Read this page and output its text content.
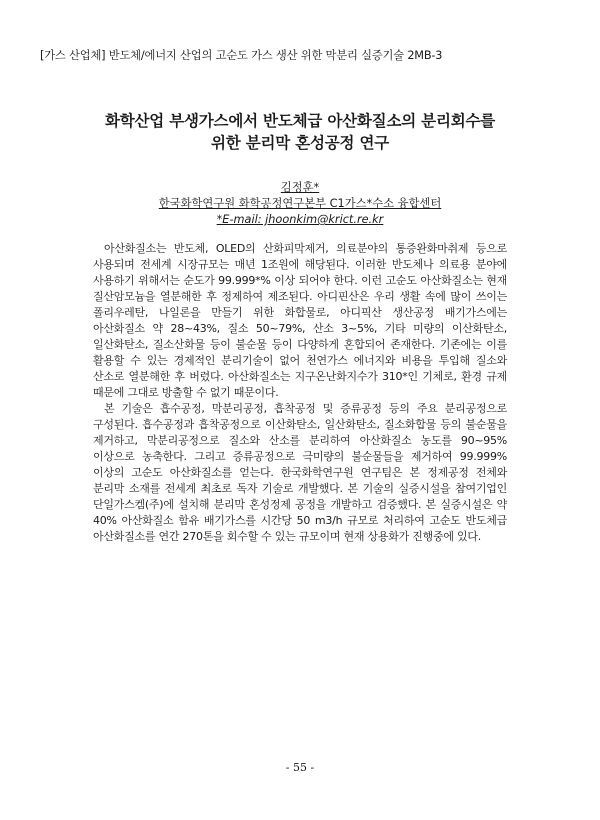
[가스 산업체] 반도체/에너지 산업의 고순도 가스 생산 위한 막분리 실증기술 2MB-3
화학산업 부생가스에서 반도체급 아산화질소의 분리회수를
위한 분리막 혼성공정 연구
김정훈*
한국화학연구원 화학공정연구본부 C1가스*수소 융합센터
*E-mail: jhoonkim@krict.re.kr

아산화질소는 반도체, OLED의 산화피막제거, 의료분야의 통증완화마취제 등으로 사용되며 전세계 시장규모는 매년 1조원에 해당된다. 이러한 반도체나 의료용 분야에 사용하기 위해서는 순도가 99.999*% 이상 되어야 한다. 이런 고순도 아산화질소는 현재 질산암모늄을 열분해한 후 정제하여 제조된다. 아디핀산은 우리 생활 속에 많이 쓰이는 폴리우레탄, 나일론을 만들기 위한 화합물로, 아디픽산 생산공정 배기가스에는 아산화질소 약 28~43%, 질소 50~79%, 산소 3~5%, 기타 미량의 이산화탄소, 일산화탄소, 질소산화물 등이 불순물 등이 다양하게 혼합되어 존재한다. 기존에는 이를 활용할 수 있는 경제적인 분리기술이 없어 천연가스 에너지와 비용을 투입해 질소와 산소로 열분해한 후 버렸다. 아산화질소는 지구온난화지수가 310*인 기체로, 환경 규제 때문에 그대로 방출할 수 없기 때문이다.

본 기술은 흡수공정, 막분리공정, 흡착공정 및 증류공정 등의 주요 분리공정으로 구성된다. 흡수공정과 흡착공정으로 이산화탄소, 일산화탄소, 질소화합물 등의 불순물을 제거하고, 막분리공정으로 질소와 산소를 분리하여 아산화질소 농도를 90~95% 이상으로 농축한다. 그리고 증류공정으로 극미량의 불순물들을 제거하여 99.999% 이상의 고순도 아산화질소를 얻는다. 한국화학연구원 연구팀은 본 정제공정 전체와 분리막 소재를 전세계 최초로 독자 기술로 개발했다. 본 기술의 실증시설을 참여기업인 단일가스켐(주)에 설치해 분리막 혼성정제 공정을 개발하고 검증했다. 본 실증시설은 약 40% 아산화질소 함유 배기가스를 시간당 50 m3/h 규모로 처리하여 고순도 반도체급 아산화질소를 연간 270톤을 회수할 수 있는 규모이며 현재 상용화가 진행중에 있다.

- 55 -
